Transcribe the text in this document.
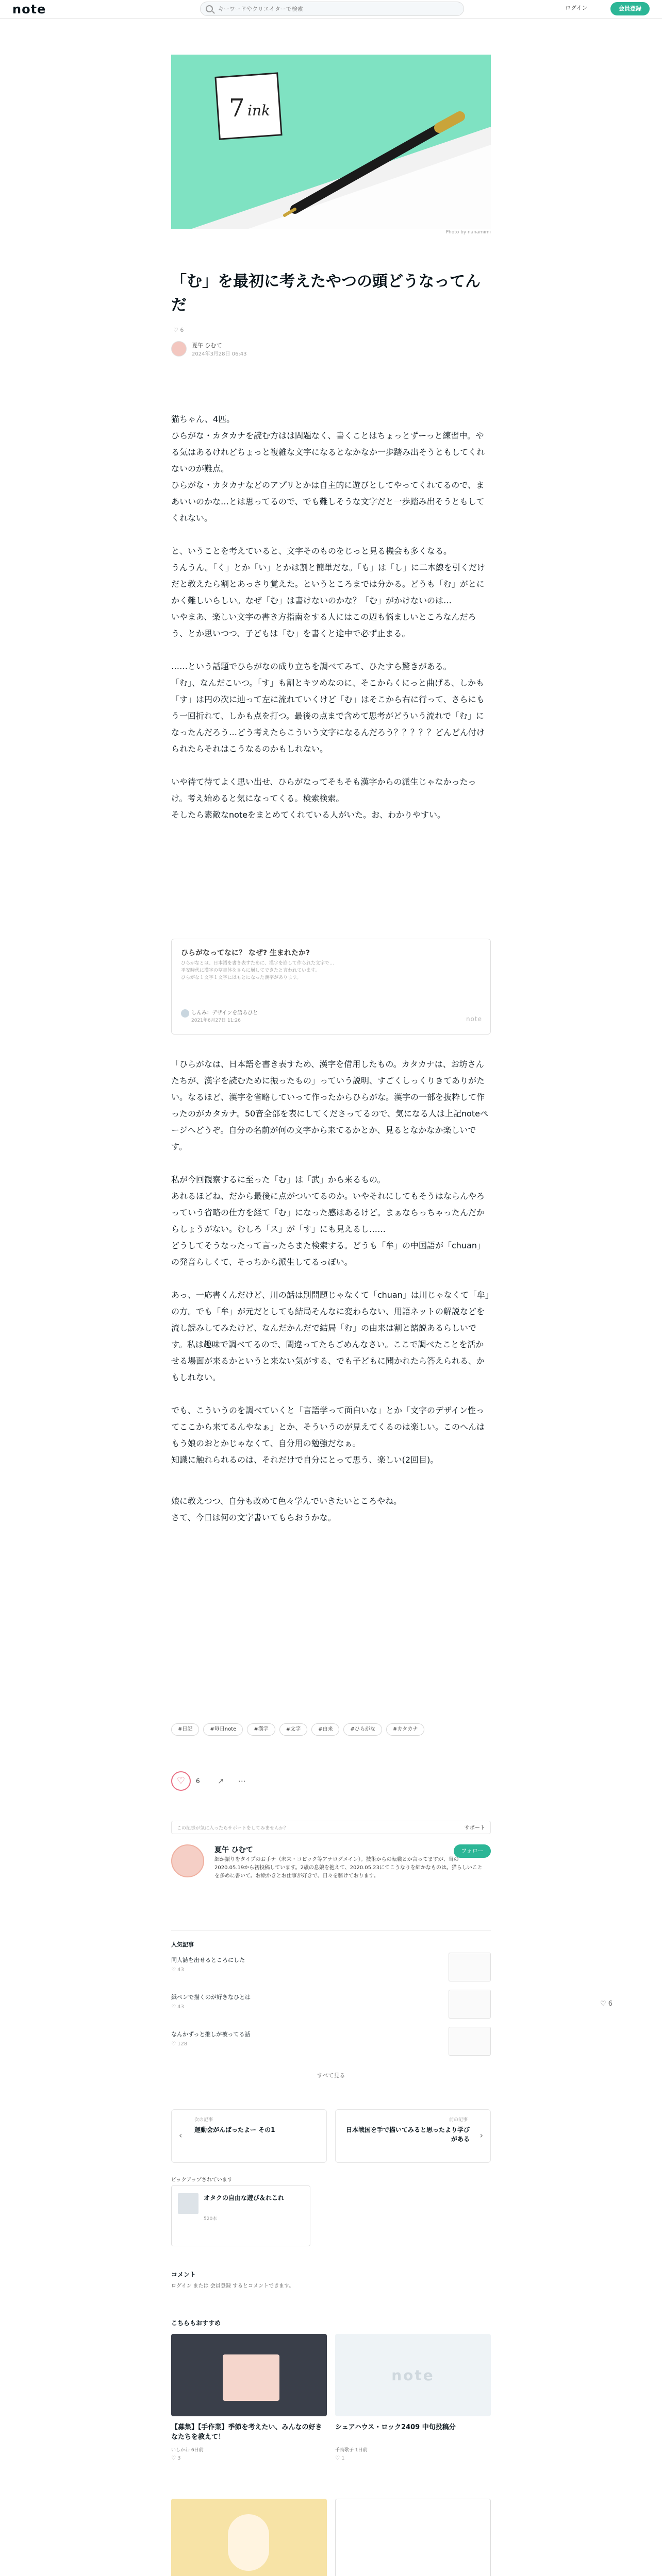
note
キーワードやクリエイターで検索	ログイン	会員登録
7 ink
Photo by nanamimi
「む」を最初に考えたやつの頭どうなってんだ
♡ 6
夏午 ひむて
2024年3月28日 06:43

猫ちゃん、4匹。
ひらがな・カタカナを読む方はは問題なく、書くことはちょっとずーっと練習中。やる気はあるけれどちょっと複雑な文字になるとなかなか一歩踏み出そうともしてくれないのが難点。
ひらがな・カタカナなどのアプリとかは自主的に遊びとしてやってくれてるので、まあいいのかな…とは思ってるので、でも難しそうな文字だと一歩踏み出そうともしてくれない。

と、いうことを考えていると、文字そのものをじっと見る機会も多くなる。
うんうん。「く」とか「い」とかは割と簡単だな。「も」は「し」に二本線を引くだけだと教えたら割とあっさり覚えた。というところまでは分かる。どうも「む」がとにかく難しいらしい。なぜ「む」は書けないのかな？「む」がかけないのは…
いやまあ、楽しい文字の書き方指南をする人にはこの辺も悩ましいところなんだろう、とか思いつつ、子どもは「む」を書くと途中で必ず止まる。

……という話題でひらがなの成り立ちを調べてみて、ひたすら驚きがある。
「む」、なんだこいつ。「す」も割とキツめなのに、そこからくにっと曲げる、しかも「す」は円の次に辿って左に流れていくけど「む」はそこから右に行って、さらにもう一回折れて、しかも点を打つ。最後の点まで含めて思考がどういう流れで「む」になったんだろう…どう考えたらこういう文字になるんだろう？？？？？どんどん付けられたらそれはこうなるのかもしれない。

いや待て待てよく思い出せ、ひらがなってそもそも漢字からの派生じゃなかったっけ。考え始めると気になってくる。検索検索。
そしたら素敵なnoteをまとめてくれている人がいた。お、わかりやすい。

ひらがなってなに？ なぜ? 生まれたか?
ひらがなとは、日本語を書き表すために、漢字を崩して作られた文字で…
平安時代に漢字の草書体をさらに崩してできたと言われています。
ひらがな１文字１文字にはもとになった漢字があります。
しんみ：デザインを語るひと
2021年6月27日 11:26	note

「ひらがなは、日本語を書き表すため、漢字を借用したもの。カタカナは、お坊さんたちが、漢字を読むために振ったもの」っていう説明、すごくしっくりきてありがたい。なるほど、漢字を省略していって作ったからひらがな。漢字の一部を抜粋して作ったのがカタカナ。50音全部を表にしてくださってるので、気になる人は上記noteページへどうぞ。自分の名前が何の文字から来てるかとか、見るとなかなか楽しいです。

私が今回観察するに至った「む」は「武」から来るもの。
あれるほどね、だから最後に点がついてるのか。いやそれにしてもそうはならんやろっていう省略の仕方を経て「む」になった感はあるけど。まぁならっちゃったんだからしょうがない。むしろ「ス」が「す」にも見えるし……
どうしてそうなったって言ったらまた検索する。どうも「牟」の中国語が「chuan」の発音らしくて、そっちから派生してるっぽい。

あっ、一応書くんだけど、川の話は別問題じゃなくて「chuan」は川じゃなくて「牟」の方。でも「牟」が元だとしても結局そんなに変わらない、用語ネットの解説などを流し読みしてみたけど、なんだかんだで結局「む」の由来は割と諸説あるらしいです。私は趣味で調べてるので、間違ってたらごめんなさい。ここで調べたことを活かせる場面が来るかというと来ない気がする、でも子どもに聞かれたら答えられる、かもしれない。

でも、こういうのを調べていくと「言語学って面白いな」とか「文字のデザイン性ってここから来てるんやなぁ」とか、そういうのが見えてくるのは楽しい。このへんはもう娘のおとかじゃなくて、自分用の勉強だなぁ。
知識に触れられるのは、それだけで自分にとって思う、楽しい(2回目)。

娘に教えつつ、自分も改めて色々学んでいきたいところやね。
さて、今日は何の文字書いてもらおうかな。

#日記	#毎日note	#漢字	#文字	#由来	#ひらがな	#カタカナ
♡	6 ↗ ⋯
この記事が気に入ったらサポートをしてみませんか？	サポート
夏午 ひむて
細か振りをタイプのお手ナ（未来・コピック等アナログメイン）。技術からの転職とか言ってますが、当の2020.05.19から初投稿しています。2歳の息娘を抱えて、2020.05.23にてこうなりを細かなものは。猫らしいことを多めに書いて。お絵かきとお仕事が好きで、日々を駆けております。
フォロー
人気記事
同人誌を出せるところにした
♡ 43
紙ペンで描くのが好きなひとは
♡ 43
なんかずっと推しが被ってる話
♡ 128
すべて見る
次の記事
運動会がんばったよー その1
‹
前の記事
日本戦国を手で描いてみると思ったより学びがある ›
ピックアップされています
オタクの自由な遊び＆れこれ
520本
コメント
ログイン または 会員登録 するとコメントできます。
こちらもおすすめ
【募集】【手作業】季節を考えたい、みんなの好きなたちを教えて！
いしかわ 6日前
♡ 3
note
シェアハウス・ロック2409 中旬投稿分
千鳥歌子 1日前
♡ 1
♡ 6
